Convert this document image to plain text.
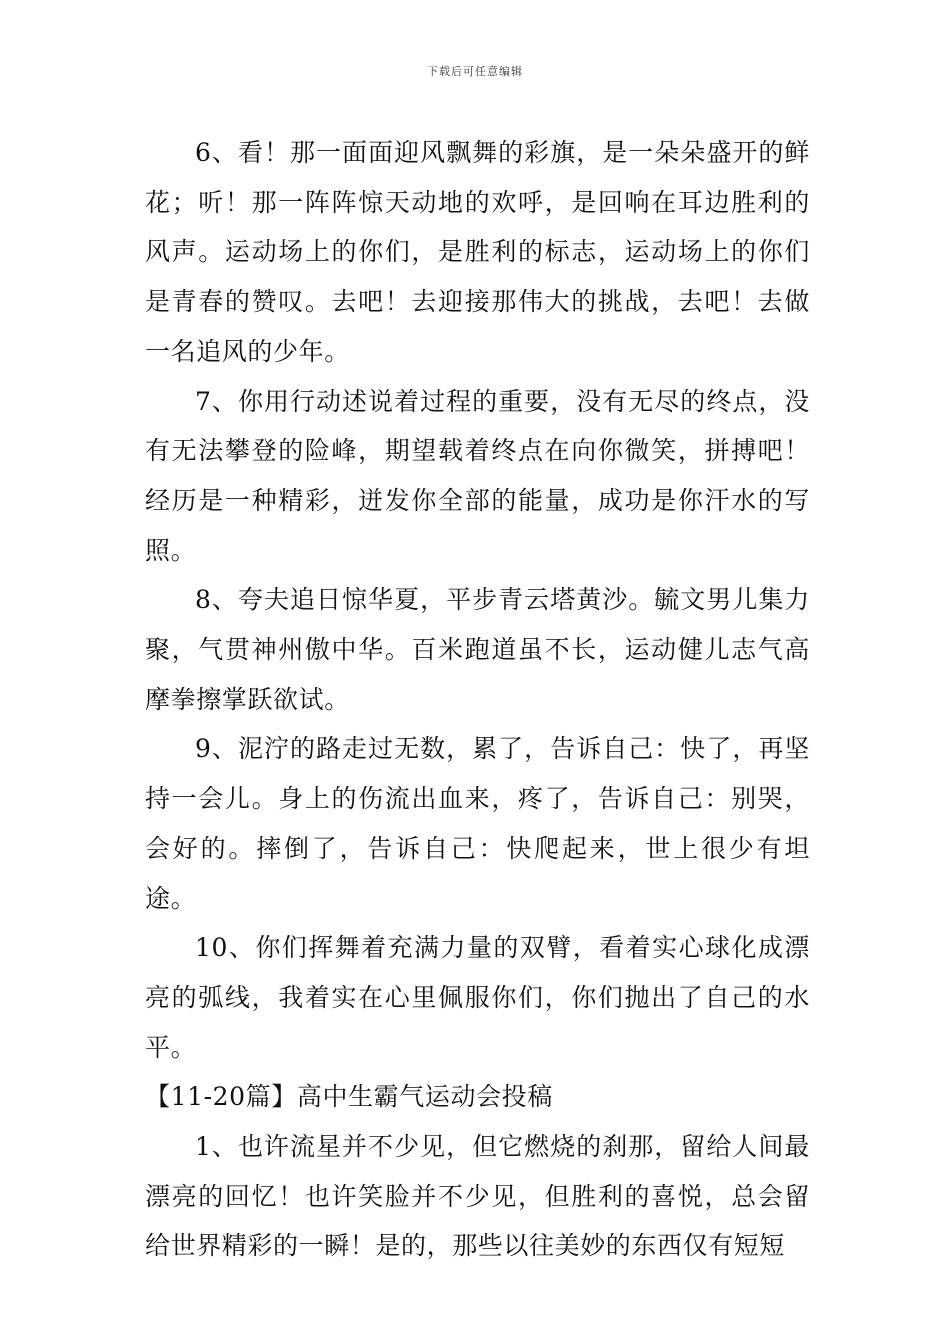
下载后可任意编辑

6、看！那一面面迎风飘舞的彩旗，是一朵朵盛开的鲜花；听！那一阵阵惊天动地的欢呼，是回响在耳边胜利的风声。运动场上的你们，是胜利的标志，运动场上的你们是青春的赞叹。去吧！去迎接那伟大的挑战，去吧！去做一名追风的少年。

7、你用行动述说着过程的重要，没有无尽的终点，没有无法攀登的险峰，期望载着终点在向你微笑，拼搏吧！经历是一种精彩，迸发你全部的能量，成功是你汗水的写照。

8、夸夫追日惊华夏，平步青云塔黄沙。毓文男儿集力聚，气贯神州傲中华。百米跑道虽不长，运动健儿志气高摩拳擦掌跃欲试。

9、泥泞的路走过无数，累了，告诉自己：快了，再坚持一会儿。身上的伤流出血来，疼了，告诉自己：别哭，会好的。摔倒了，告诉自己：快爬起来，世上很少有坦途。

10、你们挥舞着充满力量的双臂，看着实心球化成漂亮的弧线，我着实在心里佩服你们，你们抛出了自己的水平。

【11-20篇】高中生霸气运动会投稿

1、也许流星并不少见，但它燃烧的刹那，留给人间最漂亮的回忆！也许笑脸并不少见，但胜利的喜悦，总会留给世界精彩的一瞬！是的，那些以往美妙的东西仅有短短
